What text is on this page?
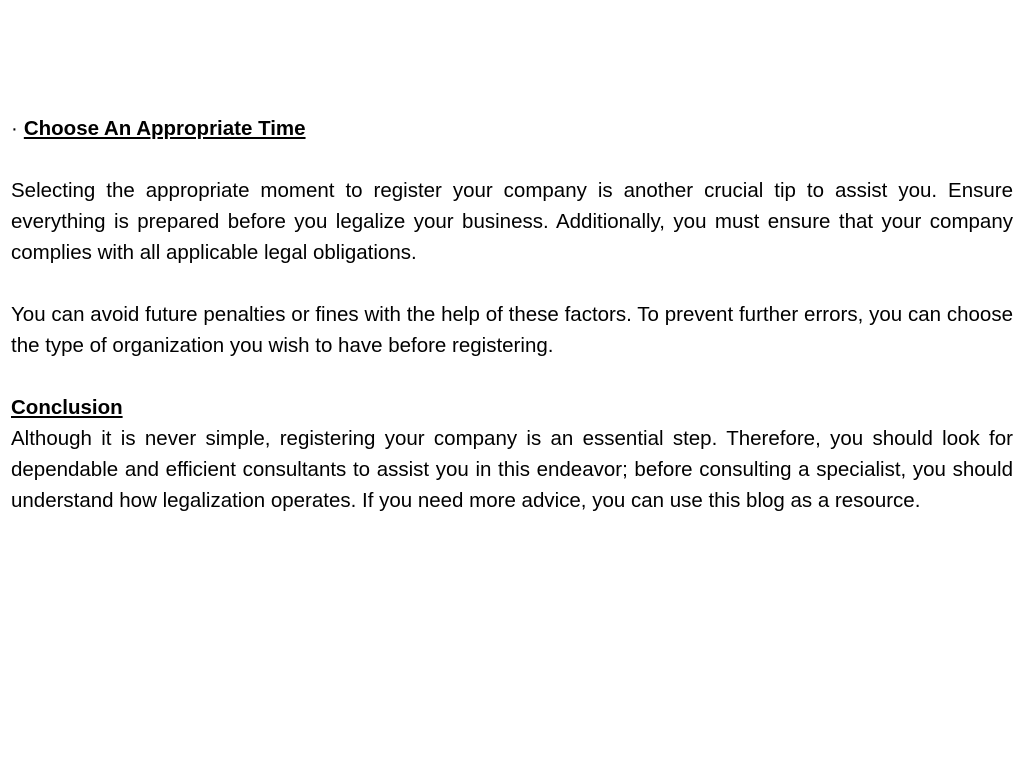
· Choose An Appropriate Time

Selecting the appropriate moment to register your company is another crucial tip to assist you. Ensure everything is prepared before you legalize your business. Additionally, you must ensure that your company complies with all applicable legal obligations.

You can avoid future penalties or fines with the help of these factors. To prevent further errors, you can choose the type of organization you wish to have before registering.

Conclusion

Although it is never simple, registering your company is an essential step. Therefore, you should look for dependable and efficient consultants to assist you in this endeavor; before consulting a specialist, you should understand how legalization operates. If you need more advice, you can use this blog as a resource.
